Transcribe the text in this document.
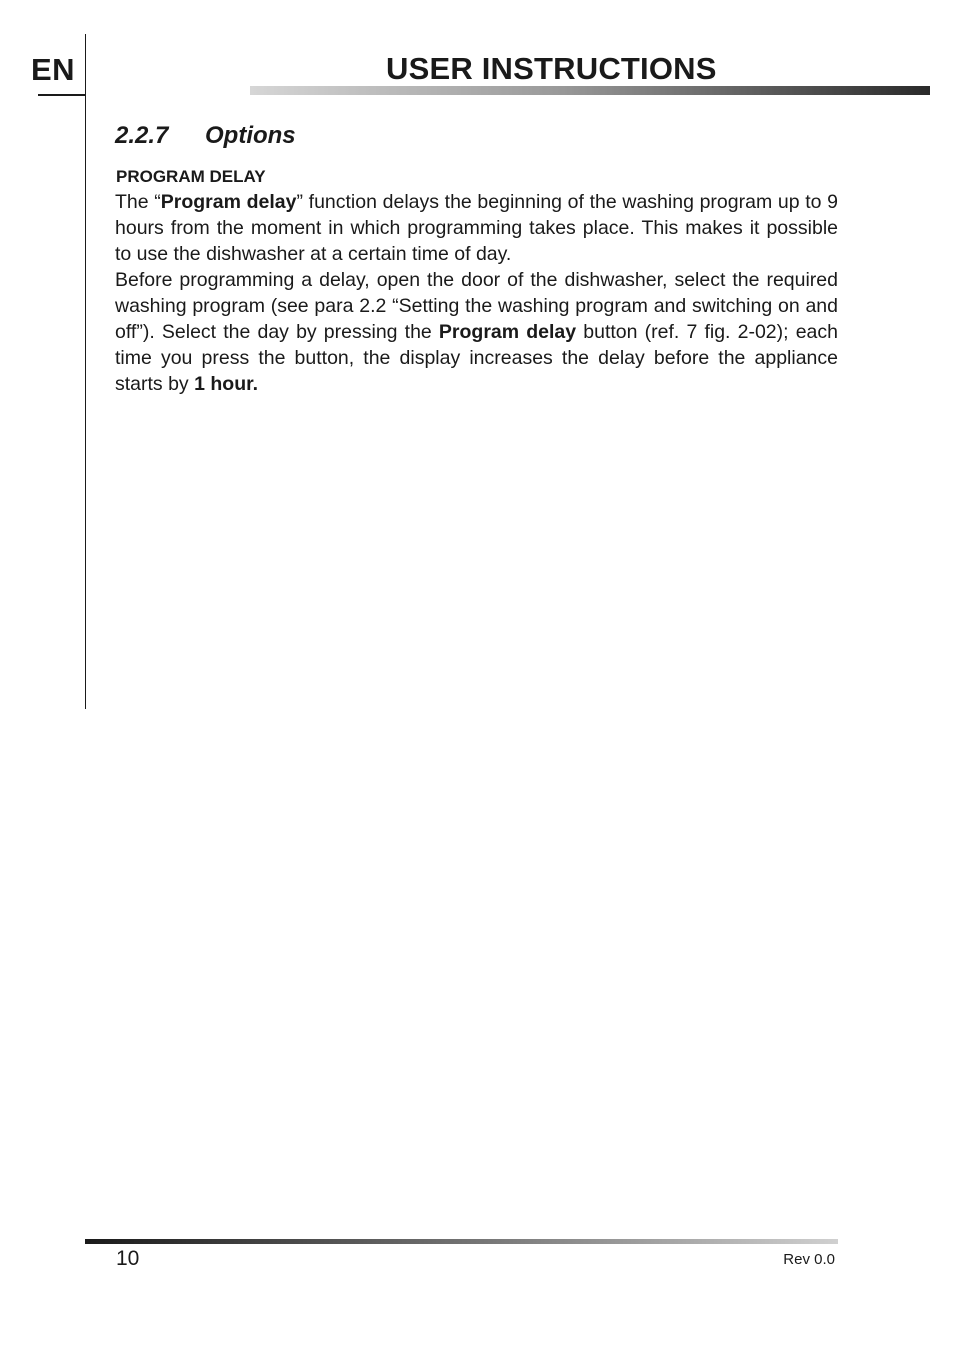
EN	USER INSTRUCTIONS
2.2.7 Options
PROGRAM DELAY

The “Program delay” function delays the beginning of the washing program up to 9 hours from the moment in which programming takes place. This makes it possible to use the dishwasher at a certain time of day.

Before programming a delay, open the door of the dishwasher, select the required washing program (see para 2.2 “Setting the washing program and switching on and off”). Select the day by pressing the Program delay button (ref. 7 fig. 2-02); each time you press the button, the display increases the delay before the appliance starts by 1 hour.

10	Rev 0.0
